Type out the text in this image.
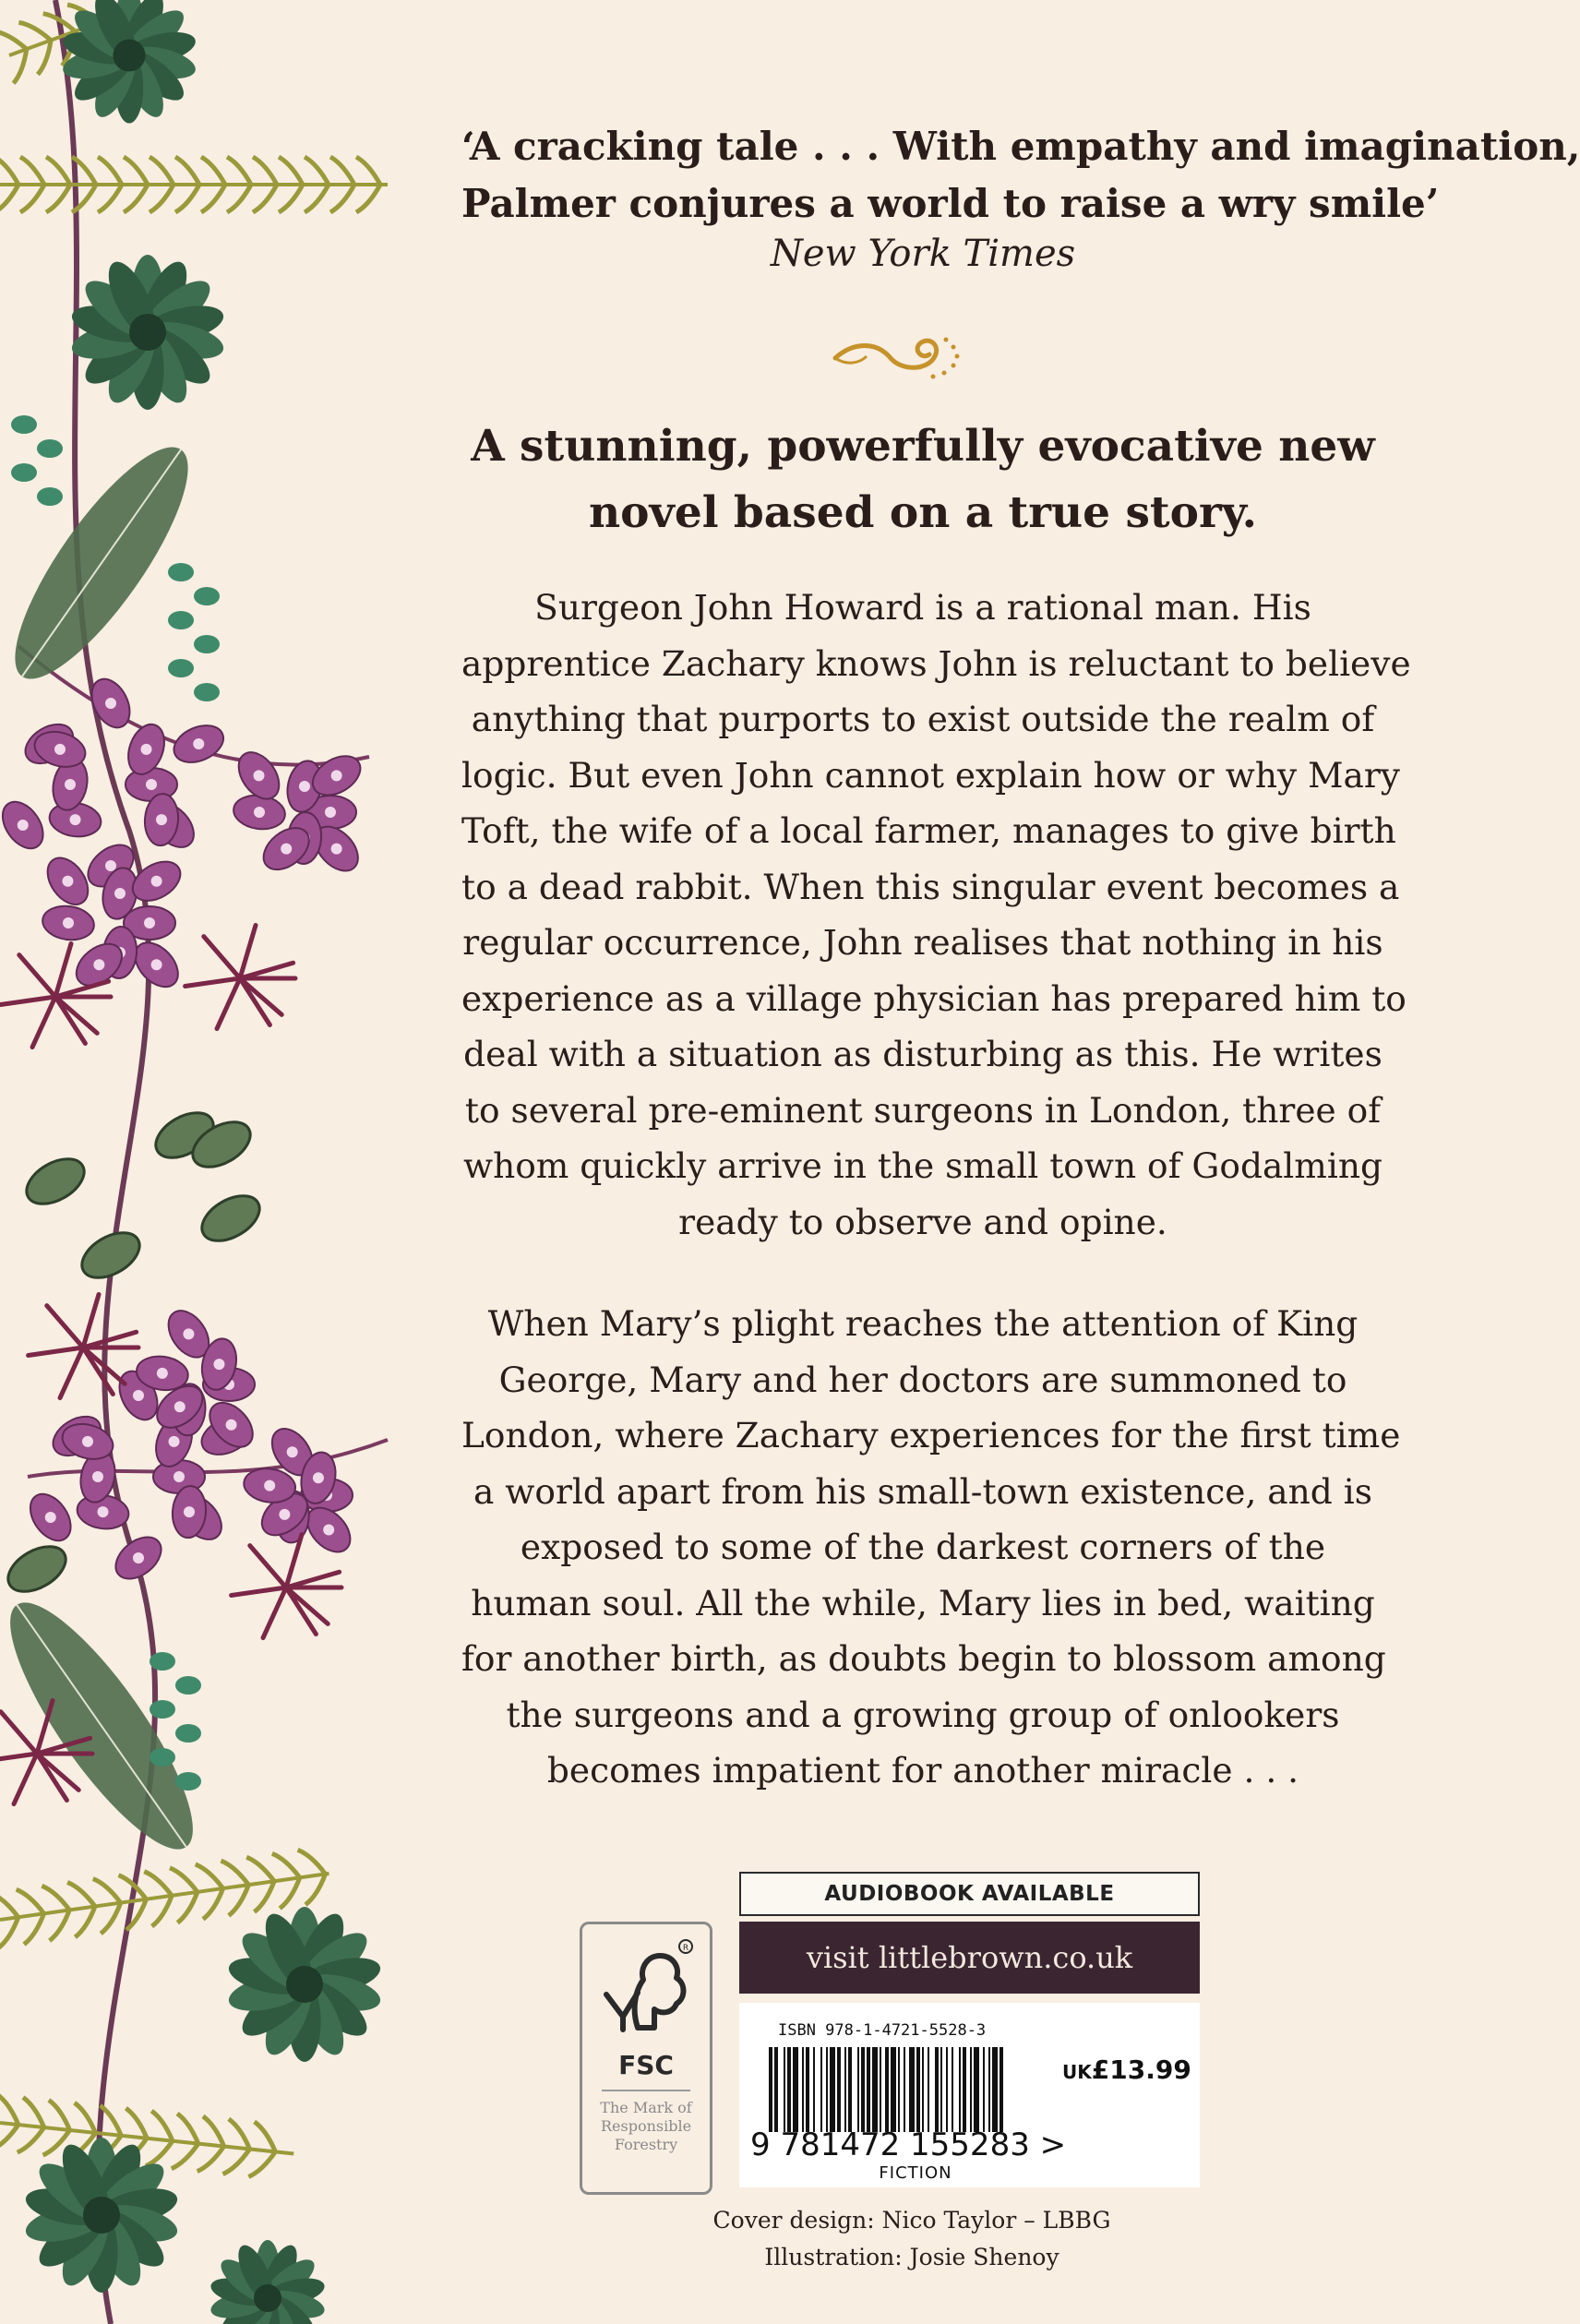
‘A cracking tale . . . With empathy and imagination,
Palmer conjures a world to raise a wry smile’
New York Times
A stunning, powerfully evocative new
novel based on a true story.
Surgeon John Howard is a rational man. His
apprentice Zachary knows John is reluctant to believe
anything that purports to exist outside the realm of
logic. But even John cannot explain how or why Mary
Toft, the wife of a local farmer, manages to give birth
to a dead rabbit. When this singular event becomes a
regular occurrence, John realises that nothing in his
experience as a village physician has prepared him to
deal with a situation as disturbing as this. He writes
to several pre-eminent surgeons in London, three of
whom quickly arrive in the small town of Godalming
ready to observe and opine.
When Mary’s plight reaches the attention of King
George, Mary and her doctors are summoned to
London, where Zachary experiences for the first time
a world apart from his small-town existence, and is
exposed to some of the darkest corners of the
human soul. All the while, Mary lies in bed, waiting
for another birth, as doubts begin to blossom among
the surgeons and a growing group of onlookers
becomes impatient for another miracle . . .
R
FSC
The Mark of
Responsible
Forestry
AUDIOBOOK AVAILABLE
visit littlebrown.co.uk
ISBN 978-1-4721-5528-3
9 781472 155283 >
UK£13.99
FICTION
Cover design: Nico Taylor – LBBG
Illustration: Josie Shenoy
